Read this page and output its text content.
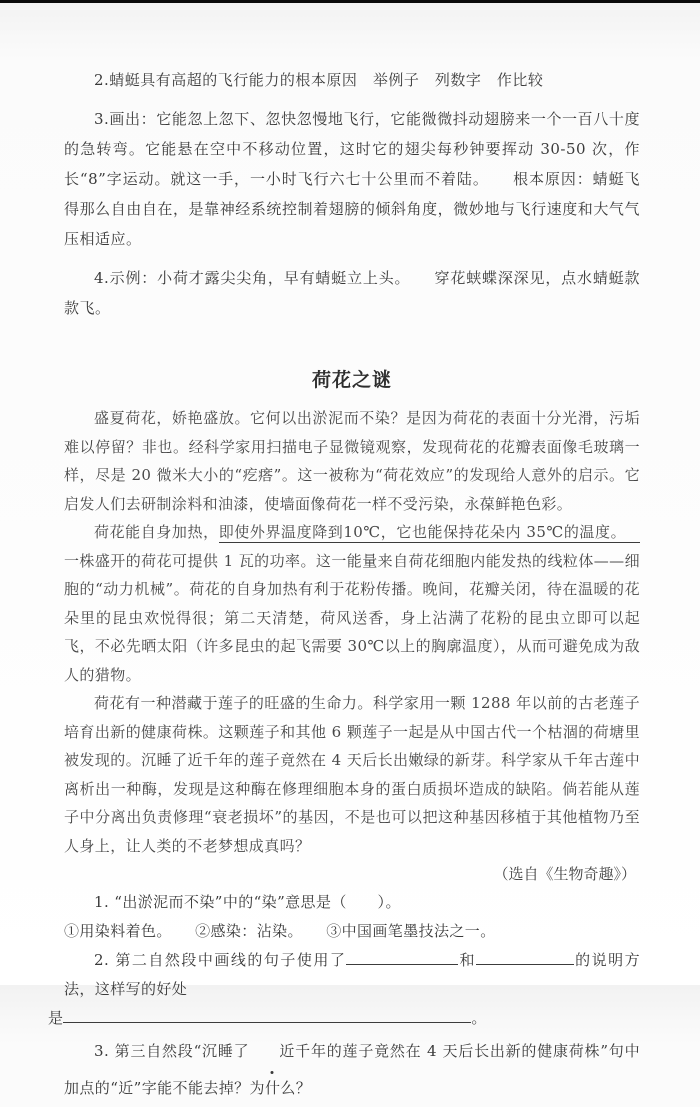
2.蜻蜓具有高超的飞行能力的根本原因　举例子　列数字　作比较

3.画出：它能忽上忽下、忽快忽慢地飞行，它能微微抖动翅膀来一个一百八十度的急转弯。它能悬在空中不移动位置，这时它的翅尖每秒钟要挥动 30-50 次，作长“8”字运动。就这一手，一小时飞行六七十公里而不着陆。　　根本原因：蜻蜓飞得那么自由自在，是靠神经系统控制着翅膀的倾斜角度，微妙地与飞行速度和大气气压相适应。

4.示例：小荷才露尖尖角，早有蜻蜓立上头。　　穿花蛱蝶深深见，点水蜻蜓款款飞。

荷花之谜

盛夏荷花，娇艳盛放。它何以出淤泥而不染？是因为荷花的表面十分光滑，污垢难以停留？非也。经科学家用扫描电子显微镜观察，发现荷花的花瓣表面像毛玻璃一样，尽是 20 微米大小的“疙瘩”。这一被称为“荷花效应”的发现给人意外的启示。它启发人们去研制涂料和油漆，使墙面像荷花一样不受污染，永葆鲜艳色彩。

荷花能自身加热，即使外界温度降到10℃，它也能保持花朵内 35℃的温度。一株盛开的荷花可提供 1 瓦的功率。这一能量来自荷花细胞内能发热的线粒体——细胞的“动力机械”。荷花的自身加热有利于花粉传播。晚间，花瓣关闭，待在温暖的花朵里的昆虫欢悦得很；第二天清楚，荷风送香，身上沾满了花粉的昆虫立即可以起飞，不必先晒太阳（许多昆虫的起飞需要 30℃以上的胸廓温度），从而可避免成为敌人的猎物。

荷花有一种潜藏于莲子的旺盛的生命力。科学家用一颗 1288 年以前的古老莲子培育出新的健康荷株。这颗莲子和其他 6 颗莲子一起是从中国古代一个枯涸的荷塘里被发现的。沉睡了近千年的莲子竟然在 4 天后长出嫩绿的新芽。科学家从千年古莲中离析出一种酶，发现是这种酶在修理细胞本身的蛋白质损坏造成的缺陷。倘若能从莲子中分离出负责修理“衰老损坏”的基因，不是也可以把这种基因移植于其他植物乃至人身上，让人类的不老梦想成真吗？

（选自《生物奇趣》）

1. “出淤泥而不染”中的“染”意思是（　　）。

①用染料着色。　　②感染：沾染。　　③中国画笔墨技法之一。

2. 第二自然段中画线的句子使用了	和	的说明方法，这样写的好处

是	。

3. 第三自然段“沉睡了 近千年的莲子竟然在 4 天后长出新的健康荷株”句中加点的“近”字能不能去掉？为什么？
